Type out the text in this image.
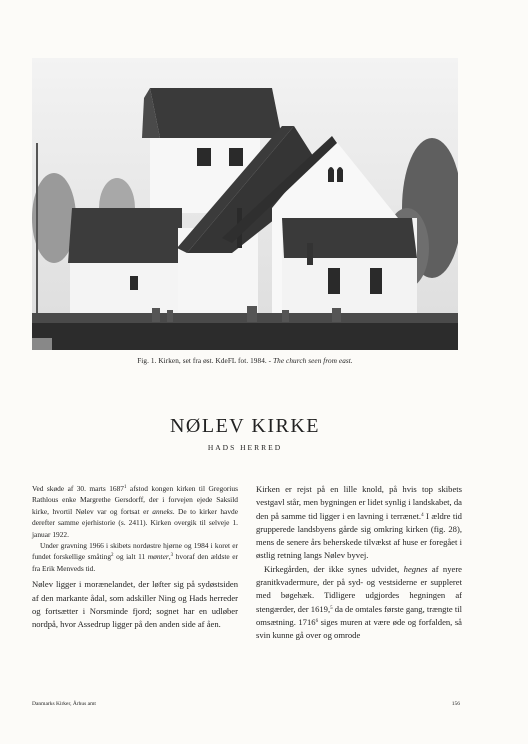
Fig. 1. Kirken, set fra øst. KdeFL fot. 1984. - The church seen from east.
NØLEV KIRKE
HADS HERRED

Ved skøde af 30. marts 1687$^1$ afstod kongen kirken til Gregorius Rathlous enke Margrethe Gersdorff, der i forvejen ejede Saksild kirke, hvortil Nølev var og fortsat er anneks. De to kirker havde derefter samme ejerhistorie (s. 2411). Kirken overgik til selveje 1. januar 1922.

Under gravning 1966 i skibets nordøstre hjørne og 1984 i koret er fundet forskellige småting$^2$ og ialt 11 mønter,$^3$ hvoraf den ældste er fra Erik Menveds tid.

Nølev ligger i morænelandet, der løfter sig på sydøstsiden af den markante ådal, som adskiller Ning og Hads herreder og fortsætter i Norsminde fjord; sognet har en udløber nordpå, hvor Assedrup ligger på den anden side af åen.

Kirken er rejst på en lille knold, på hvis top skibets vestgavl står, men bygningen er lidet synlig i landskabet, da den på samme tid ligger i en lavning i terrænet.$^4$ I ældre tid grupperede landsbyens gårde sig omkring kirken (fig. 28), mens de senere års beherskede tilvækst af huse er foregået i østlig retning langs Nølev byvej.

Kirkegården, der ikke synes udvidet, hegnes af nyere granitkvadermure, der på syd- og vestsiderne er suppleret med bøgehæk. Tidligere udgjordes hegningen af stengærder, der 1619,$^5$ da de omtales første gang, trængte til omsætning. 1716$^6$ siges muren at være øde og forfalden, så svin kunne gå over og omrode

Danmarks Kirker, Århus amt	156
